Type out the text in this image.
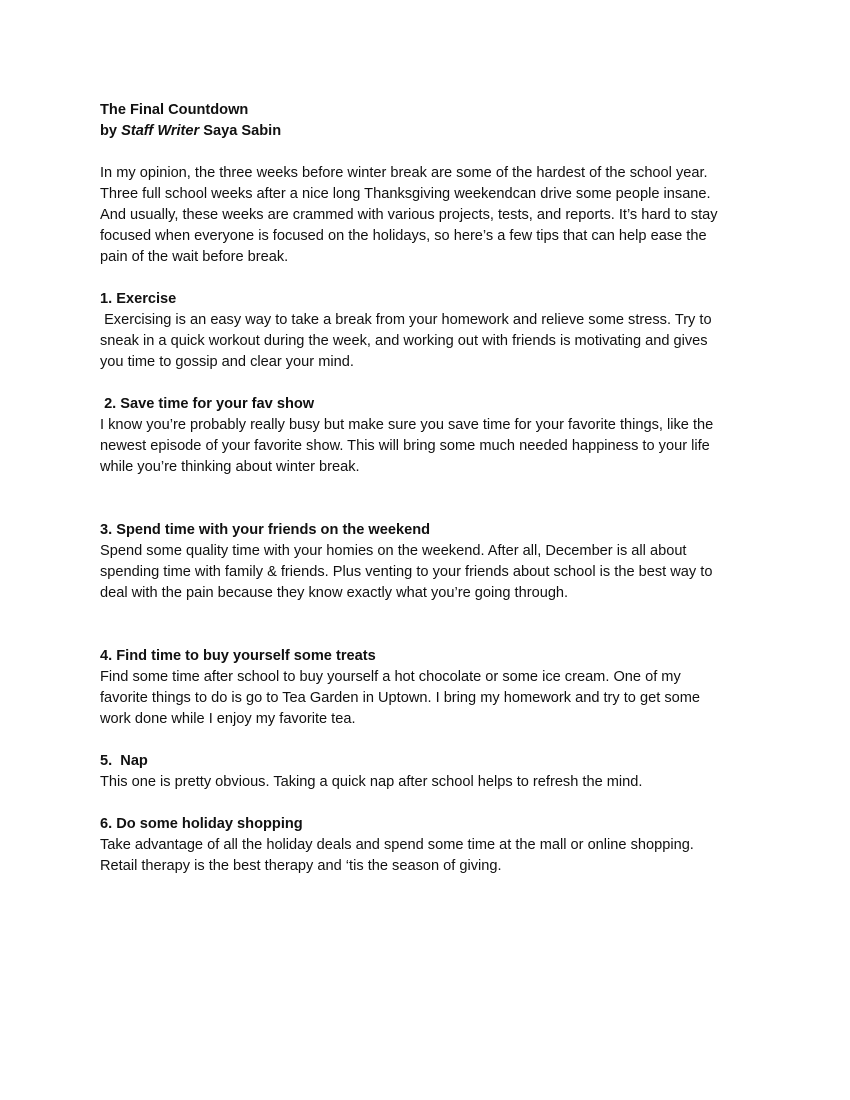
The Final Countdown

by Staff Writer Saya Sabin

In my opinion, the three weeks before winter break are some of the hardest of the school year.

Three full school weeks after a nice long Thanksgiving weekendcan drive some people insane.

And usually, these weeks are crammed with various projects, tests, and reports. It’s hard to stay

focused when everyone is focused on the holidays, so here’s a few tips that can help ease the

pain of the wait before break.

1. Exercise

Exercising is an easy way to take a break from your homework and relieve some stress. Try to

sneak in a quick workout during the week, and working out with friends is motivating and gives

you time to gossip and clear your mind.

2. Save time for your fav show

I know you’re probably really busy but make sure you save time for your favorite things, like the

newest episode of your favorite show. This will bring some much needed happiness to your life

while you’re thinking about winter break.

3. Spend time with your friends on the weekend

Spend some quality time with your homies on the weekend. After all, December is all about

spending time with family & friends. Plus venting to your friends about school is the best way to

deal with the pain because they know exactly what you’re going through.

4. Find time to buy yourself some treats

Find some time after school to buy yourself a hot chocolate or some ice cream. One of my

favorite things to do is go to Tea Garden in Uptown. I bring my homework and try to get some

work done while I enjoy my favorite tea.

5.  Nap

This one is pretty obvious. Taking a quick nap after school helps to refresh the mind.

6. Do some holiday shopping

Take advantage of all the holiday deals and spend some time at the mall or online shopping.

Retail therapy is the best therapy and ‘tis the season of giving.
